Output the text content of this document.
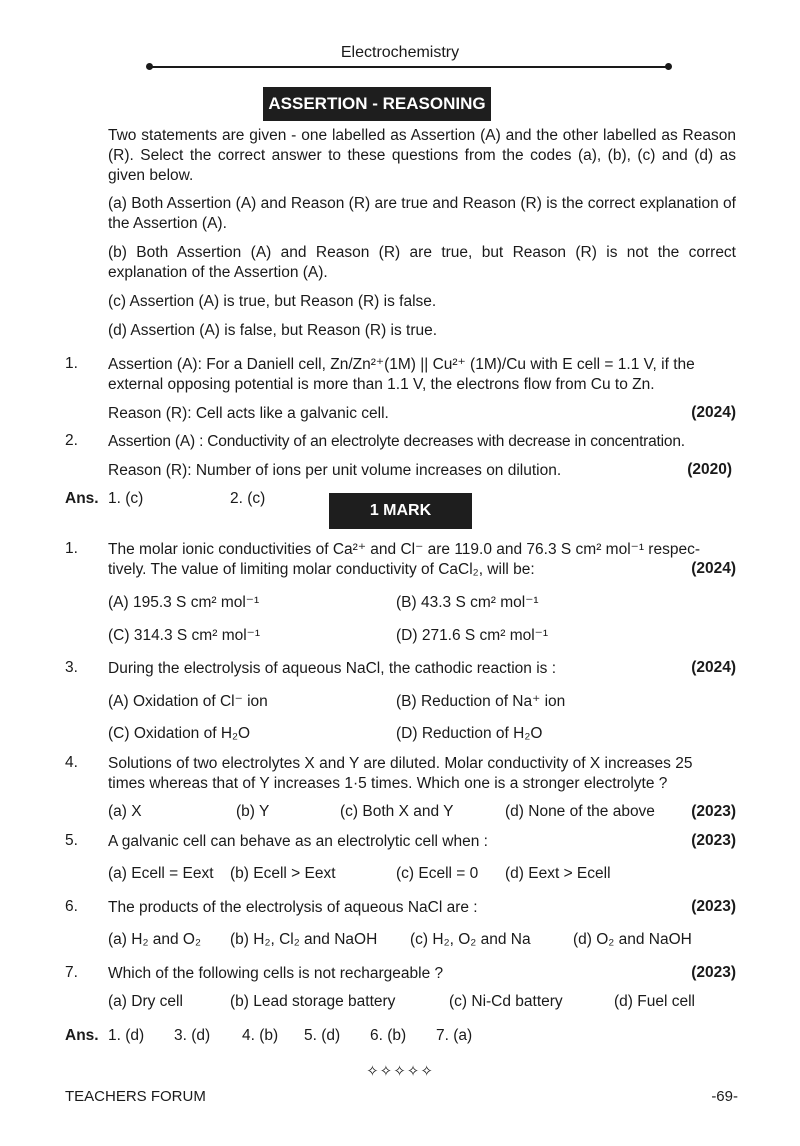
Electrochemistry
ASSERTION - REASONING
Two statements are given - one labelled as Assertion (A) and the other labelled as Reason (R). Select the correct answer to these questions from the codes (a), (b), (c) and (d) as given below.
(a) Both Assertion (A) and Reason (R) are true and Reason (R) is the correct explanation of the Assertion (A).
(b) Both Assertion (A) and Reason (R) are true, but Reason (R) is not the correct explanation of the Assertion (A).
(c) Assertion (A) is true, but Reason (R) is false.
(d) Assertion (A) is false, but Reason (R) is true.
1. Assertion (A): For a Daniell cell, Zn/Zn²⁺(1M) || Cu²⁺ (1M)/Cu with E cell = 1.1 V, if the
external opposing potential is more than 1.1 V, the electrons flow from Cu to Zn.
Reason (R): Cell acts like a galvanic cell.	(2024)
2. Assertion (A) : Conductivity of an electrolyte decreases with decrease in concentration.
Reason (R): Number of ions per unit volume increases on dilution.	(2020)
Ans. 1. (c)	2. (c)
1 MARK
1. The molar ionic conductivities of Ca²⁺ and Cl⁻ are 119.0 and 76.3 S cm² mol⁻¹ respec-
tively. The value of limiting molar conductivity of CaCl₂, will be:	(2024)
(A) 195.3 S cm² mol⁻¹	(B) 43.3 S cm² mol⁻¹
(C) 314.3 S cm² mol⁻¹	(D) 271.6 S cm² mol⁻¹
3. During the electrolysis of aqueous NaCl, the cathodic reaction is :	(2024)
(A) Oxidation of Cl⁻ ion	(B) Reduction of Na⁺ ion
(C) Oxidation of H₂O	(D) Reduction of H₂O
4. Solutions of two electrolytes X and Y are diluted. Molar conductivity of X increases 25
times whereas that of Y increases 1·5 times. Which one is a stronger electrolyte ?
(a) X	(b) Y	(c) Both X and Y	(d) None of the above (2023)
5. A galvanic cell can behave as an electrolytic cell when :	(2023)
(a) Ecell = Eext (b) Ecell > Eext	(c) Ecell = 0 (d) Eext > Ecell
6. The products of the electrolysis of aqueous NaCl are :	(2023)
(a) H₂ and O₂ (b) H₂, Cl₂ and NaOH (c) H₂, O₂ and Na	(d) O₂ and NaOH
7. Which of the following cells is not rechargeable ?	(2023)
(a) Dry cell	(b) Lead storage battery	(c) Ni-Cd battery	(d) Fuel cell
Ans. 1. (d) 3. (d) 4. (b) 5. (d) 6. (b) 7. (a)
✧✧✧✧✧
TEACHERS FORUM	-69-
